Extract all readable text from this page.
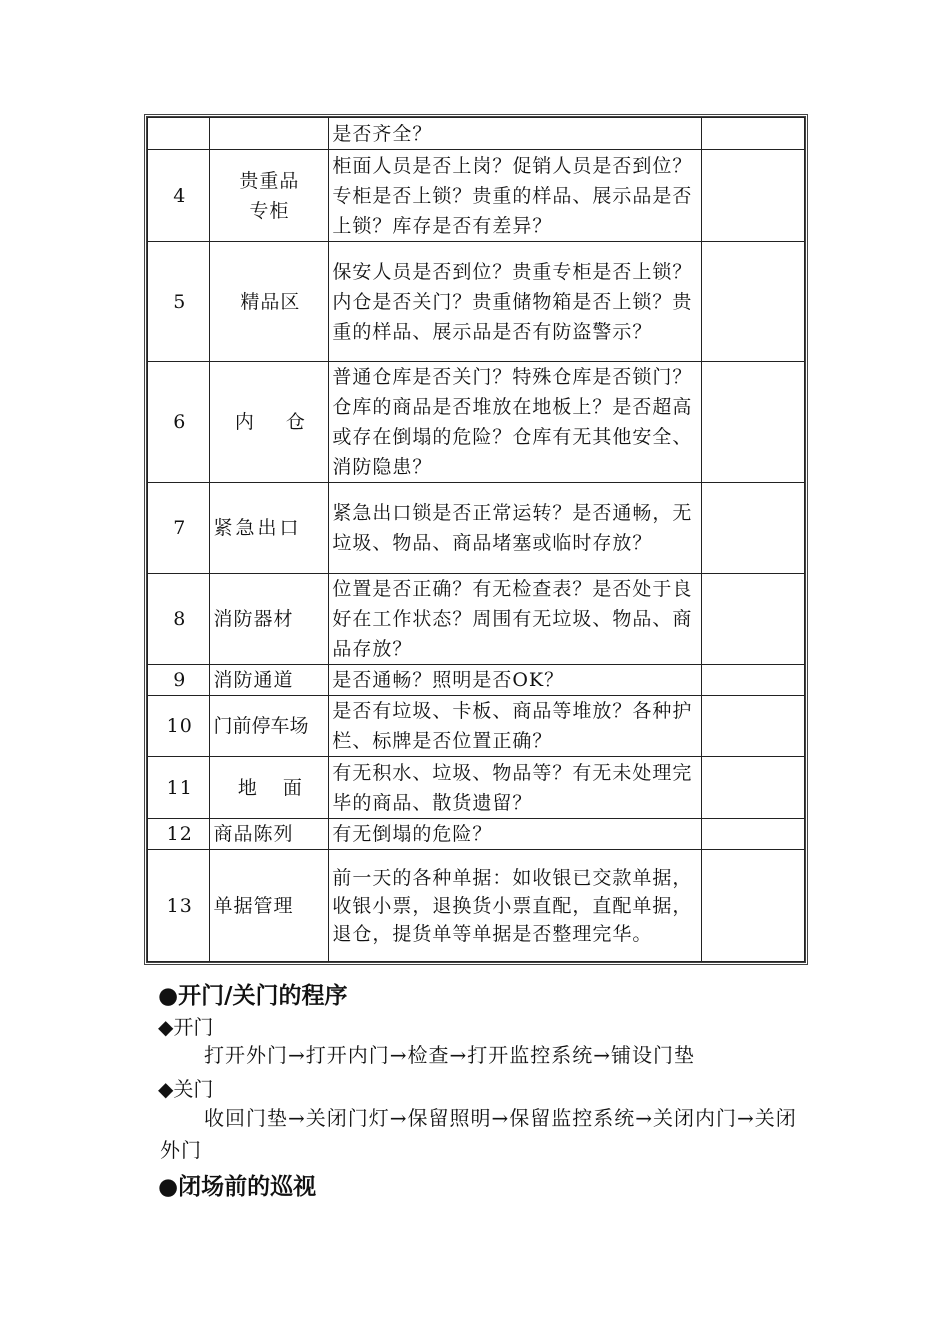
		是否齐全？	
4	贵重品专柜	柜面人员是否上岗？促销人员是否到位？专柜是否上锁？贵重的样品、展示品是否上锁？库存是否有差异？	
5	精品区	保安人员是否到位？贵重专柜是否上锁？内仓是否关门？贵重储物箱是否上锁？贵重的样品、展示品是否有防盗警示？	
6	内 仓	普通仓库是否关门？特殊仓库是否锁门？仓库的商品是否堆放在地板上？是否超高或存在倒塌的危险？仓库有无其他安全、消防隐患？	
7	紧急出口	紧急出口锁是否正常运转？是否通畅，无垃圾、物品、商品堵塞或临时存放？	
8	消防器材	位置是否正确？有无检查表？是否处于良好在工作状态？周围有无垃圾、物品、商品存放？	
9	消防通道	是否通畅？照明是否OK？	
10	门前停车场	是否有垃圾、卡板、商品等堆放？各种护栏、标牌是否位置正确？	
11	地 面	有无积水、垃圾、物品等？有无未处理完毕的商品、散货遗留？	
12	商品陈列	有无倒塌的危险？	
13	单据管理	前一天的各种单据：如收银已交款单据，收银小票，退换货小票直配，直配单据，退仓，提货单等单据是否整理完华。	
●开门/关门的程序
◆开门
打开外门→打开内门→检查→打开监控系统→铺设门垫
◆关门
收回门垫→关闭门灯→保留照明→保留监控系统→关闭内门→关闭外门
●闭场前的巡视
